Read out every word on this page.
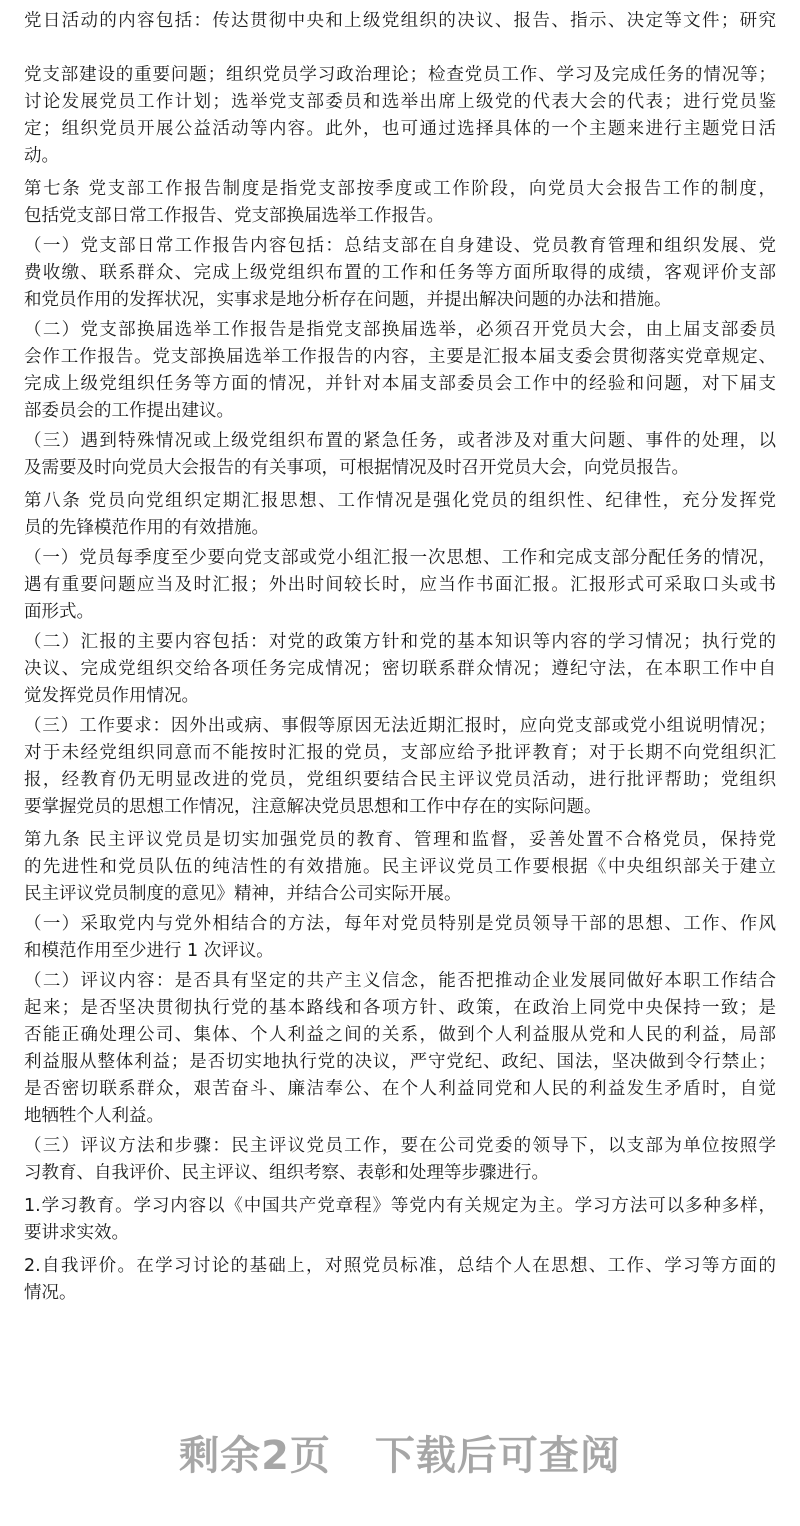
党日活动的内容包括：传达贯彻中央和上级党组织的决议、报告、指示、决定等文件；研究
党支部建设的重要问题；组织党员学习政治理论；检查党员工作、学习及完成任务的情况等；
讨论发展党员工作计划；选举党支部委员和选举出席上级党的代表大会的代表；进行党员鉴
定；组织党员开展公益活动等内容。此外，也可通过选择具体的一个主题来进行主题党日活
动。
第七条 党支部工作报告制度是指党支部按季度或工作阶段，向党员大会报告工作的制度，
包括党支部日常工作报告、党支部换届选举工作报告。
（一）党支部日常工作报告内容包括：总结支部在自身建设、党员教育管理和组织发展、党
费收缴、联系群众、完成上级党组织布置的工作和任务等方面所取得的成绩，客观评价支部
和党员作用的发挥状况，实事求是地分析存在问题，并提出解决问题的办法和措施。
（二）党支部换届选举工作报告是指党支部换届选举，必须召开党员大会，由上届支部委员
会作工作报告。党支部换届选举工作报告的内容，主要是汇报本届支委会贯彻落实党章规定、
完成上级党组织任务等方面的情况，并针对本届支部委员会工作中的经验和问题，对下届支
部委员会的工作提出建议。
（三）遇到特殊情况或上级党组织布置的紧急任务，或者涉及对重大问题、事件的处理，以
及需要及时向党员大会报告的有关事项，可根据情况及时召开党员大会，向党员报告。
第八条 党员向党组织定期汇报思想、工作情况是强化党员的组织性、纪律性，充分发挥党
员的先锋模范作用的有效措施。
（一）党员每季度至少要向党支部或党小组汇报一次思想、工作和完成支部分配任务的情况，
遇有重要问题应当及时汇报；外出时间较长时，应当作书面汇报。汇报形式可采取口头或书
面形式。
（二）汇报的主要内容包括：对党的政策方针和党的基本知识等内容的学习情况；执行党的
决议、完成党组织交给各项任务完成情况；密切联系群众情况；遵纪守法，在本职工作中自
觉发挥党员作用情况。
（三）工作要求：因外出或病、事假等原因无法近期汇报时，应向党支部或党小组说明情况；
对于未经党组织同意而不能按时汇报的党员，支部应给予批评教育；对于长期不向党组织汇
报，经教育仍无明显改进的党员，党组织要结合民主评议党员活动，进行批评帮助；党组织
要掌握党员的思想工作情况，注意解决党员思想和工作中存在的实际问题。
第九条 民主评议党员是切实加强党员的教育、管理和监督，妥善处置不合格党员，保持党
的先进性和党员队伍的纯洁性的有效措施。民主评议党员工作要根据《中央组织部关于建立
民主评议党员制度的意见》精神，并结合公司实际开展。
（一）采取党内与党外相结合的方法，每年对党员特别是党员领导干部的思想、工作、作风
和模范作用至少进行 1 次评议。
（二）评议内容：是否具有坚定的共产主义信念，能否把推动企业发展同做好本职工作结合
起来；是否坚决贯彻执行党的基本路线和各项方针、政策，在政治上同党中央保持一致；是
否能正确处理公司、集体、个人利益之间的关系，做到个人利益服从党和人民的利益，局部
利益服从整体利益；是否切实地执行党的决议，严守党纪、政纪、国法，坚决做到令行禁止；
是否密切联系群众，艰苦奋斗、廉洁奉公、在个人利益同党和人民的利益发生矛盾时，自觉
地牺牲个人利益。
（三）评议方法和步骤：民主评议党员工作，要在公司党委的领导下，以支部为单位按照学
习教育、自我评价、民主评议、组织考察、表彰和处理等步骤进行。
1.学习教育。学习内容以《中国共产党章程》等党内有关规定为主。学习方法可以多种多样，
要讲求实效。
2.自我评价。在学习讨论的基础上，对照党员标准，总结个人在思想、工作、学习等方面的
情况。
剩余2页 下载后可查阅
